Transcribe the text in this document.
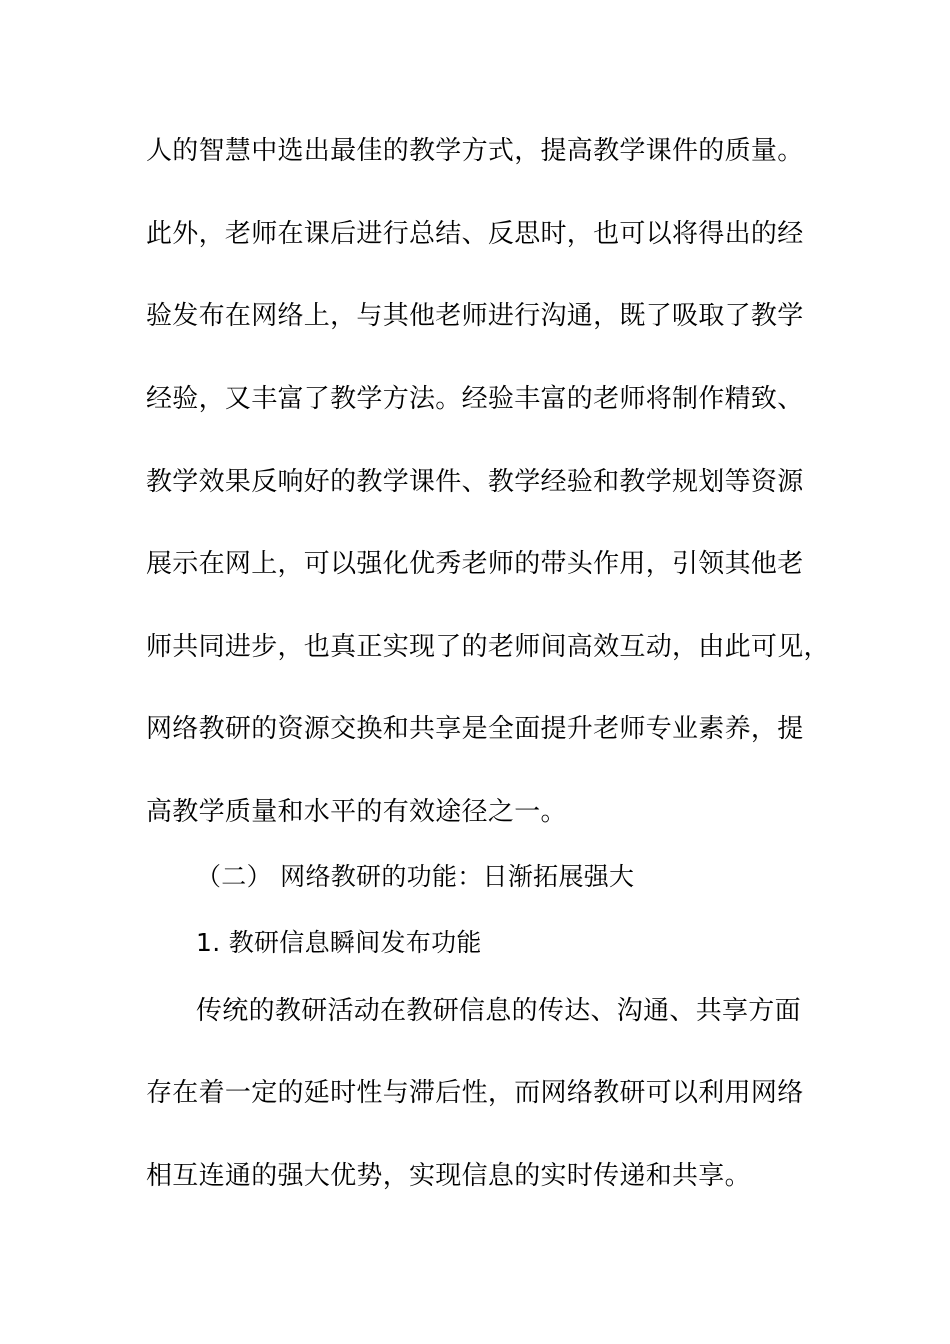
人的智慧中选出最佳的教学方式，提高教学课件的质量。
此外，老师在课后进行总结、反思时，也可以将得出的经
验发布在网络上，与其他老师进行沟通，既了吸取了教学
经验，又丰富了教学方法。经验丰富的老师将制作精致、
教学效果反响好的教学课件、教学经验和教学规划等资源
展示在网上，可以强化优秀老师的带头作用，引领其他老
师共同进步，也真正实现了的老师间高效互动，由此可见，
网络教研的资源交换和共享是全面提升老师专业素养，提
高教学质量和水平的有效途径之一。
（二） 网络教研的功能：日渐拓展强大
1. 教研信息瞬间发布功能
传统的教研活动在教研信息的传达、沟通、共享方面
存在着一定的延时性与滞后性，而网络教研可以利用网络
相互连通的强大优势，实现信息的实时传递和共享。
